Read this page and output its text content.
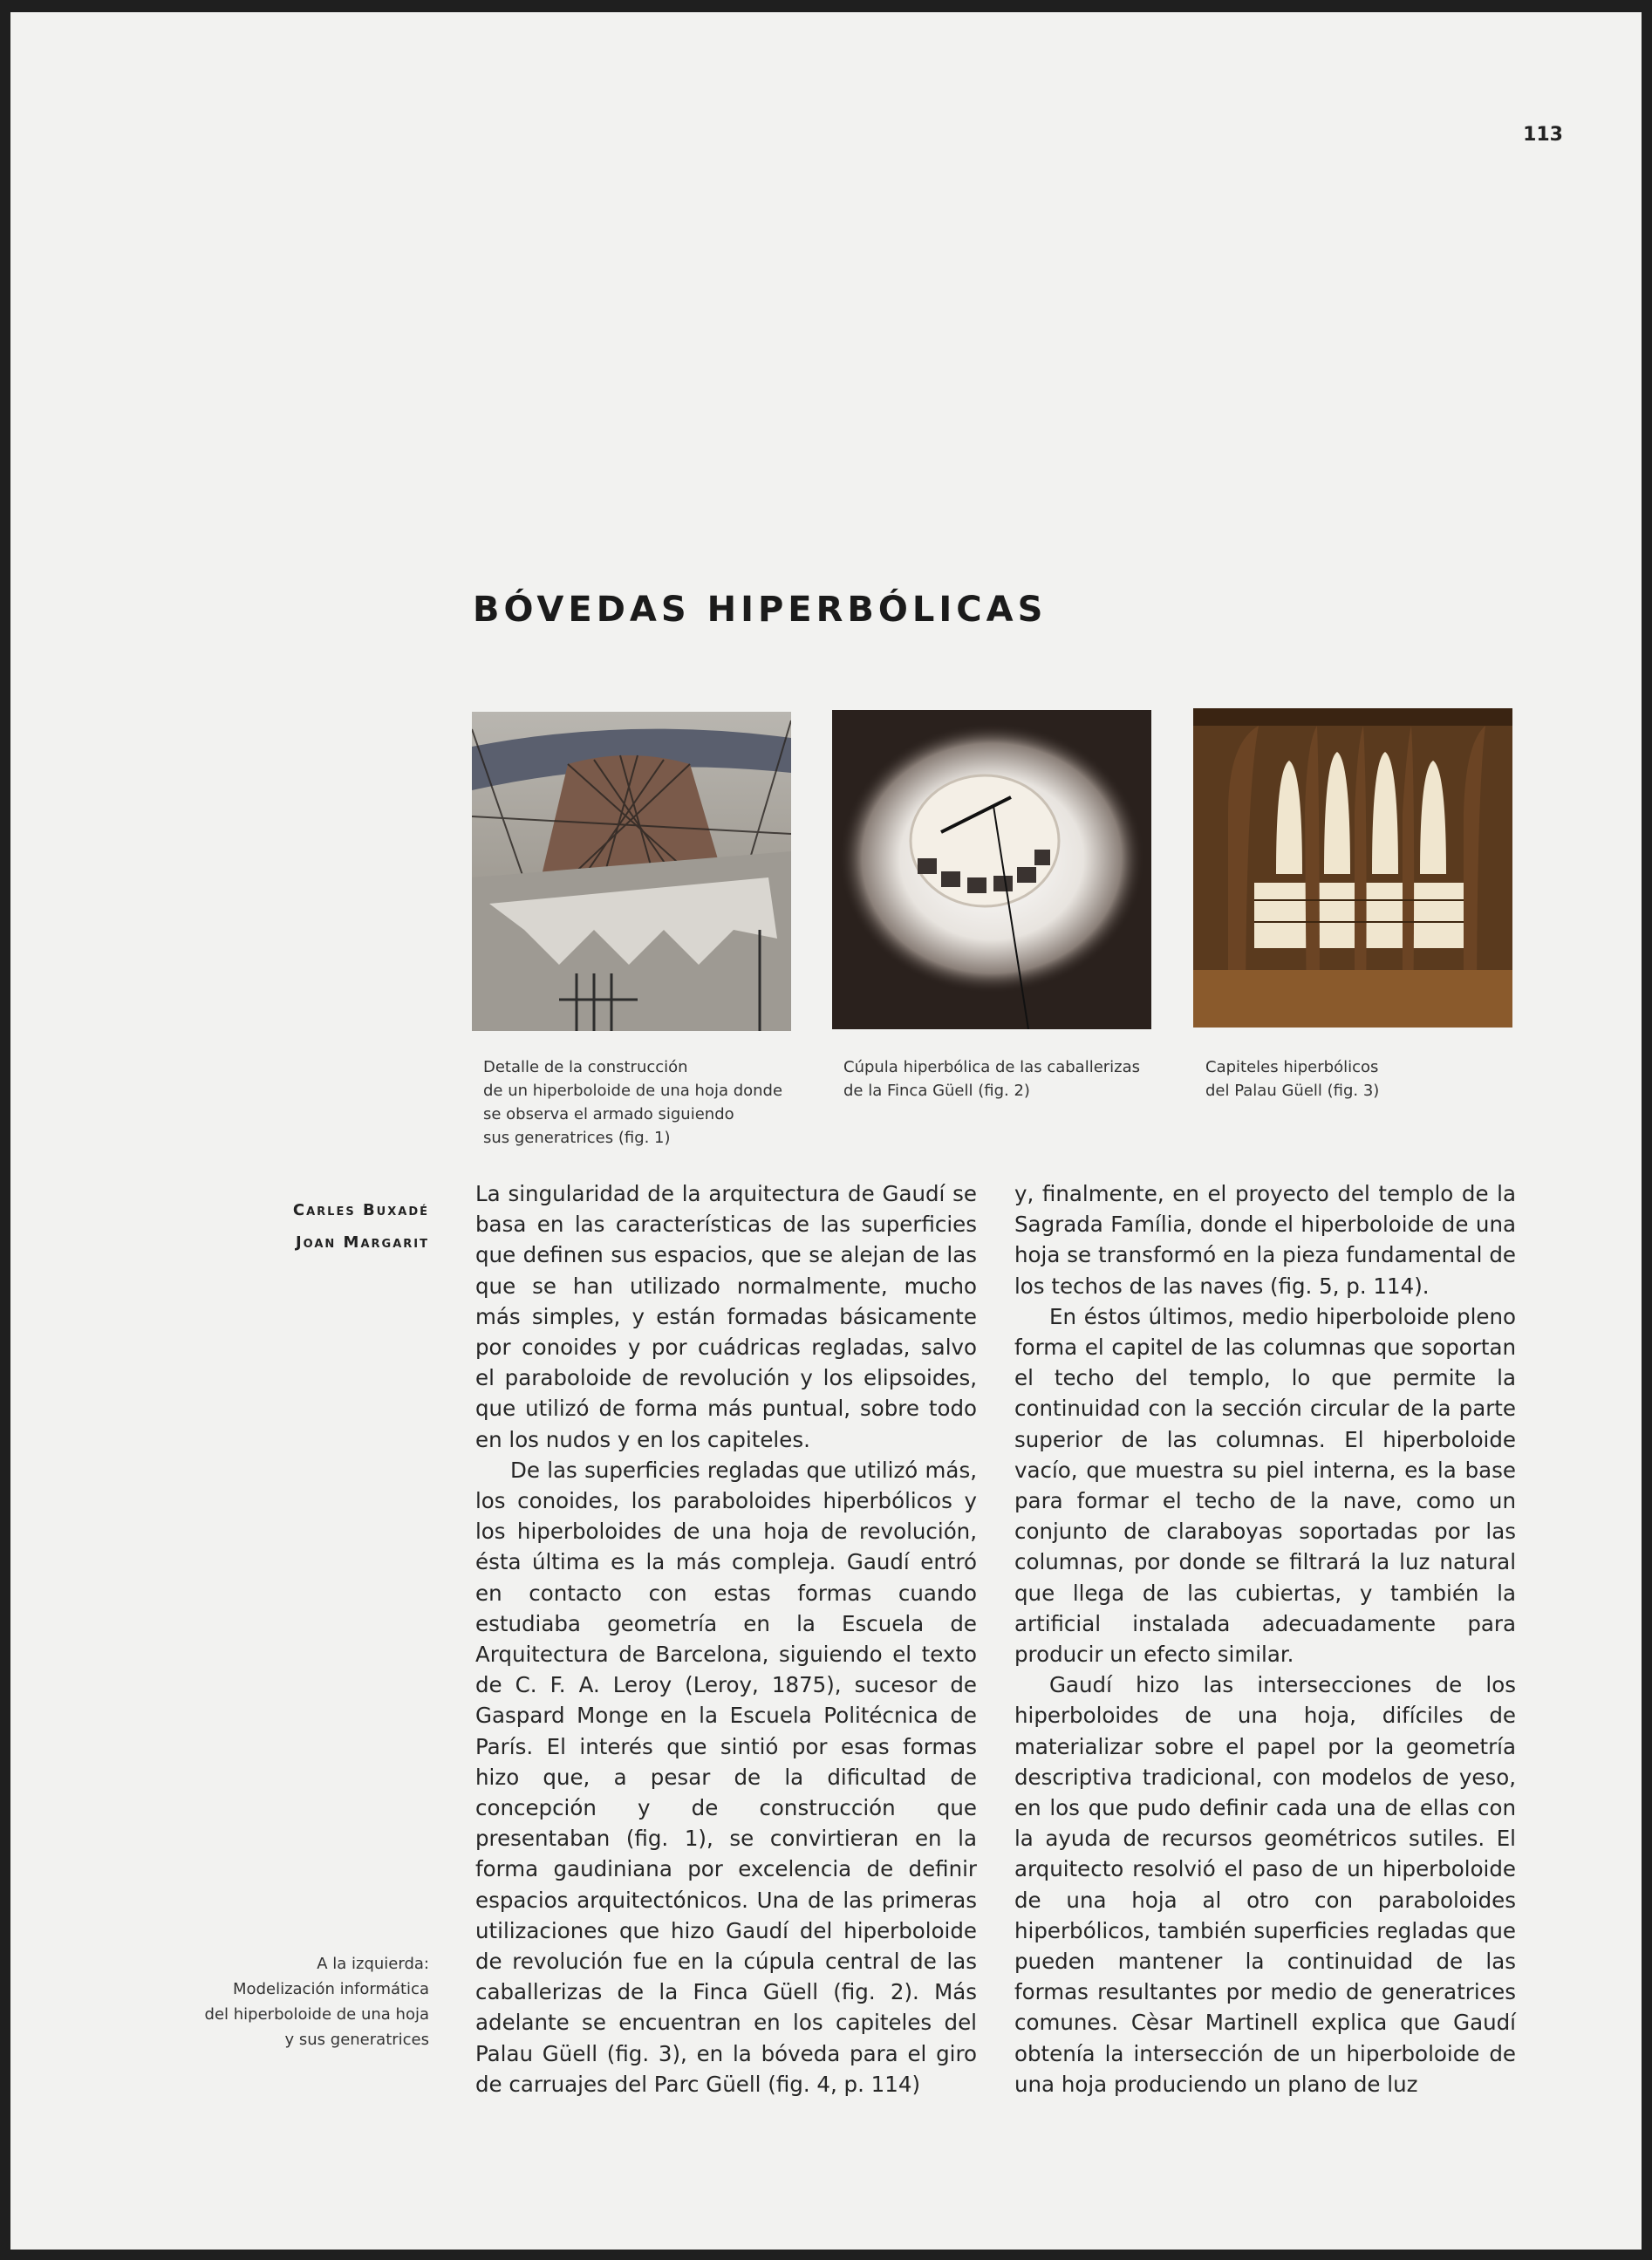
113
BÓVEDAS HIPERBÓLICAS
Detalle de la construcción
de un hiperboloide de una hoja donde
se observa el armado siguiendo
sus generatrices (fig. 1)
Cúpula hiperbólica de las caballerizas
de la Finca Güell (fig. 2)
Capiteles hiperbólicos
del Palau Güell (fig. 3)
Carles Buxadé
Joan Margarit
A la izquierda:
Modelización informática
del hiperboloide de una hoja
y sus generatrices

La singularidad de la arquitectura de Gaudí se basa en las características de las superficies que definen sus espacios, que se alejan de las que se han utilizado normalmente, mucho más simples, y están formadas básicamente por conoides y por cuádricas regladas, salvo el paraboloide de revolución y los elipsoides, que utilizó de forma más puntual, sobre todo en los nudos y en los capiteles.

De las superficies regladas que utilizó más, los conoides, los paraboloides hiperbólicos y los hiperboloides de una hoja de revolución, ésta última es la más compleja. Gaudí entró en contacto con estas formas cuando estudiaba geometría en la Escuela de Arquitectura de Barcelona, siguiendo el texto de C. F. A. Leroy (Leroy, 1875), sucesor de Gaspard Monge en la Escuela Politécnica de París. El interés que sintió por esas formas hizo que, a pesar de la dificultad de concepción y de construcción que presentaban (fig. 1), se convirtieran en la forma gaudiniana por excelencia de definir espacios arquitectónicos. Una de las primeras utilizaciones que hizo Gaudí del hiperboloide de revolución fue en la cúpula central de las caballerizas de la Finca Güell (fig. 2). Más adelante se encuentran en los capiteles del Palau Güell (fig. 3), en la bóveda para el giro de carruajes del Parc Güell (fig. 4, p. 114)

y, finalmente, en el proyecto del templo de la Sagrada Família, donde el hiperboloide de una hoja se transformó en la pieza fundamental de los techos de las naves (fig. 5, p. 114).

En éstos últimos, medio hiperboloide pleno forma el capitel de las columnas que soportan el techo del templo, lo que permite la continuidad con la sección circular de la parte superior de las columnas. El hiperboloide vacío, que muestra su piel interna, es la base para formar el techo de la nave, como un conjunto de claraboyas soportadas por las columnas, por donde se filtrará la luz natural que llega de las cubiertas, y también la artificial instalada adecuadamente para producir un efecto similar.

Gaudí hizo las intersecciones de los hiperboloides de una hoja, difíciles de materializar sobre el papel por la geometría descriptiva tradicional, con modelos de yeso, en los que pudo definir cada una de ellas con la ayuda de recursos geométricos sutiles. El arquitecto resolvió el paso de un hiperboloide de una hoja al otro con paraboloides hiperbólicos, también superficies regladas que pueden mantener la continuidad de las formas resultantes por medio de generatrices comunes. Cèsar Martinell explica que Gaudí obtenía la intersección de un hiperboloide de una hoja produciendo un plano de luz
